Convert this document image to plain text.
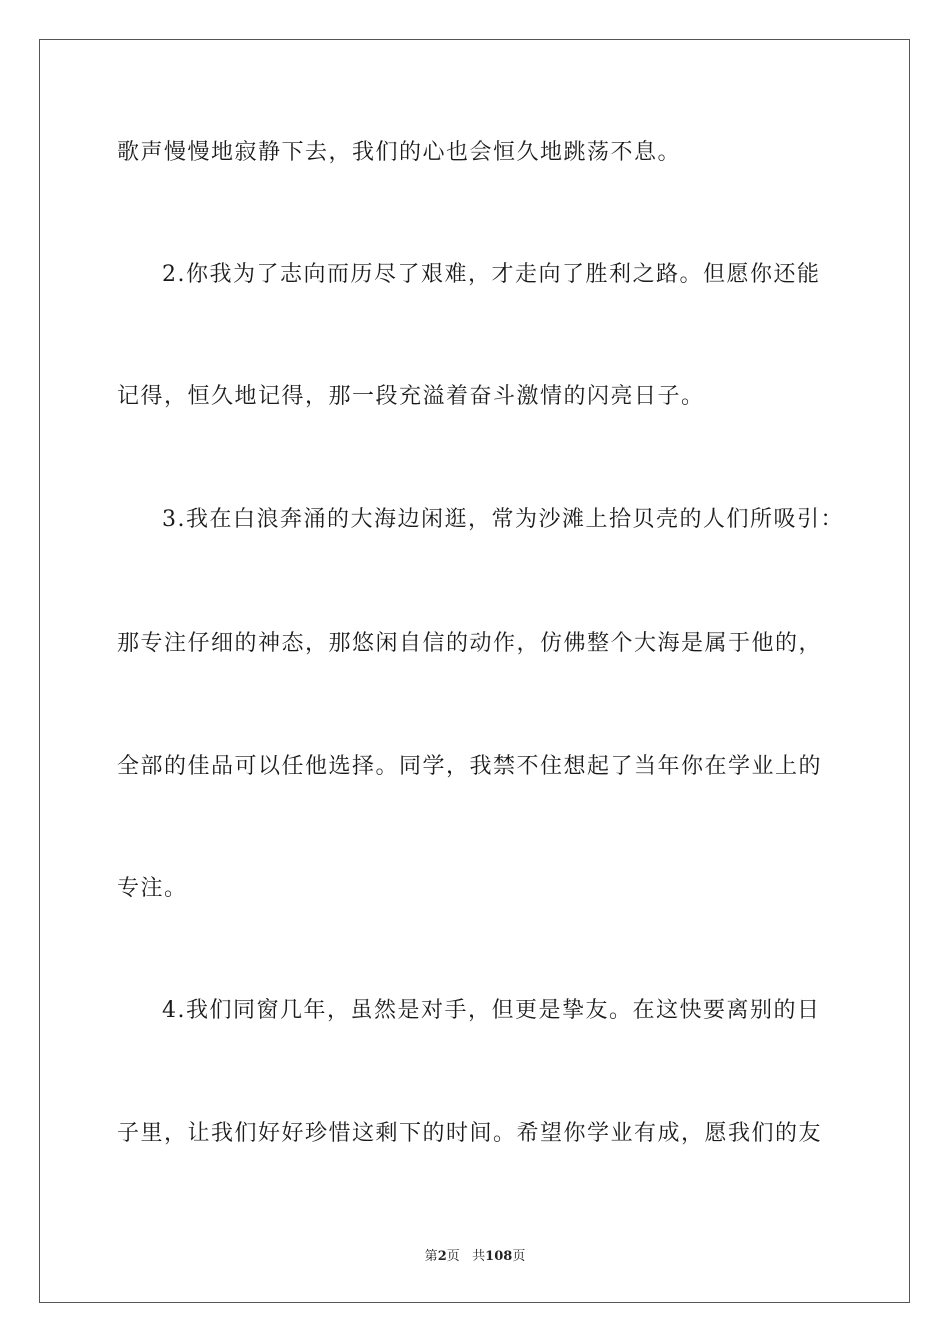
歌声慢慢地寂静下去，我们的心也会恒久地跳荡不息。
2.你我为了志向而历尽了艰难，才走向了胜利之路。但愿你还能
记得，恒久地记得，那一段充溢着奋斗激情的闪亮日子。
3.我在白浪奔涌的大海边闲逛，常为沙滩上拾贝壳的人们所吸引：
那专注仔细的神态，那悠闲自信的动作，仿佛整个大海是属于他的，
全部的佳品可以任他选择。同学，我禁不住想起了当年你在学业上的
专注。
4.我们同窗几年，虽然是对手，但更是挚友。在这快要离别的日
子里，让我们好好珍惜这剩下的时间。希望你学业有成，愿我们的友
第2页 共108页
